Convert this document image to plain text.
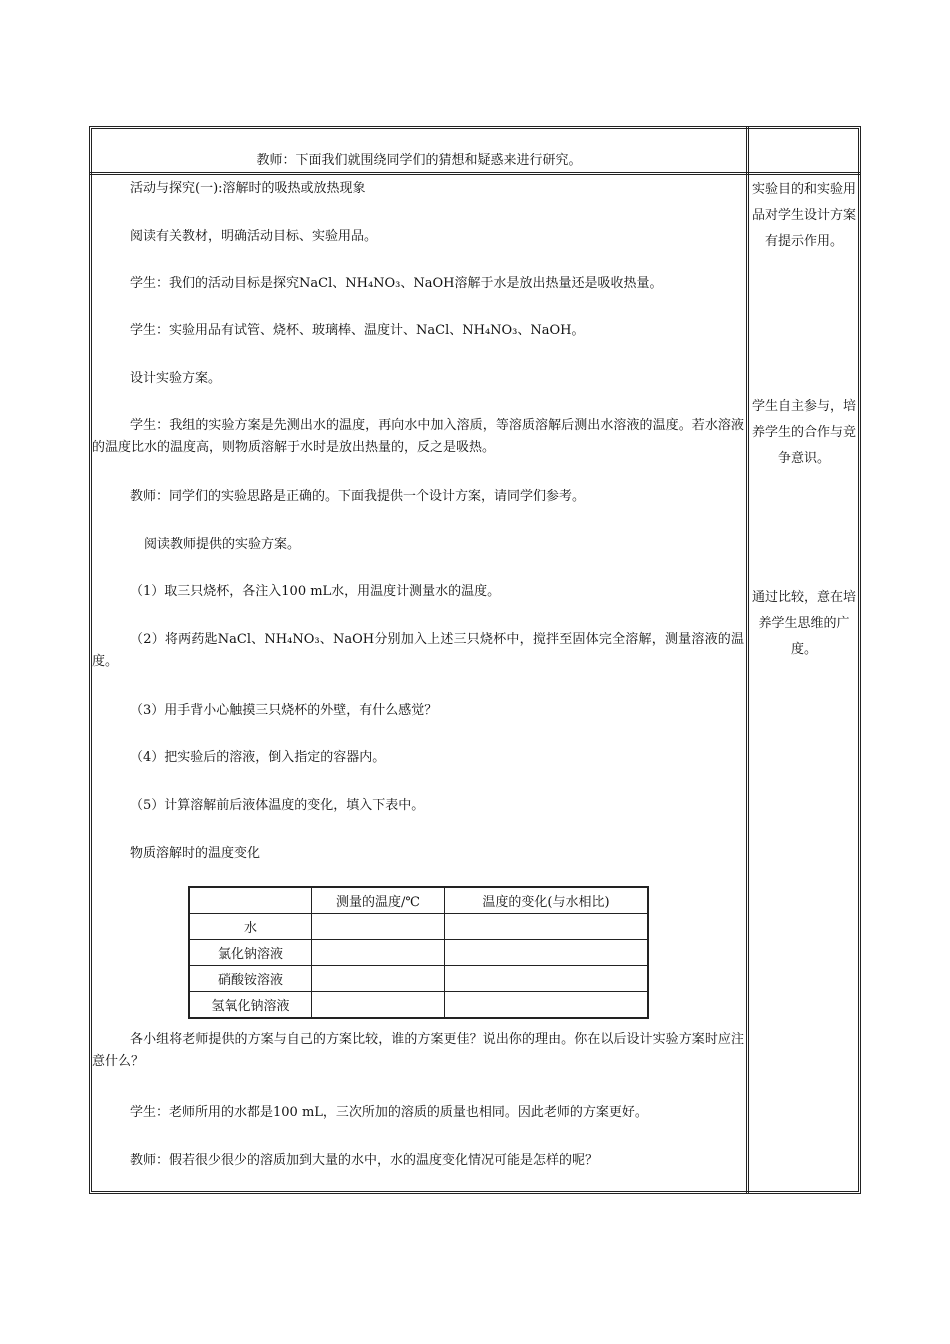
教师：下面我们就围绕同学们的猜想和疑惑来进行研究。
活动与探究(一):溶解时的吸热或放热现象
阅读有关教材，明确活动目标、实验用品。
学生：我们的活动目标是探究NaCl、NH₄NO₃、NaOH溶解于水是放出热量还是吸收热量。
学生：实验用品有试管、烧杯、玻璃棒、温度计、NaCl、NH₄NO₃、NaOH。
设计实验方案。
学生：我组的实验方案是先测出水的温度，再向水中加入溶质，等溶质溶解后测出水溶液的温度。若水溶液的温度比水的温度高，则物质溶解于水时是放出热量的，反之是吸热。
教师：同学们的实验思路是正确的。下面我提供一个设计方案，请同学们参考。
阅读教师提供的实验方案。
（1）取三只烧杯，各注入100 mL水，用温度计测量水的温度。
（2）将两药匙NaCl、NH₄NO₃、NaOH分别加入上述三只烧杯中，搅拌至固体完全溶解，测量溶液的温度。
（3）用手背小心触摸三只烧杯的外壁，有什么感觉？
（4）把实验后的溶液，倒入指定的容器内。
（5）计算溶解前后液体温度的变化，填入下表中。
物质溶解时的温度变化
	测量的温度/℃	温度的变化(与水相比)
水		
氯化钠溶液		
硝酸铵溶液		
氢氧化钠溶液		
各小组将老师提供的方案与自己的方案比较，谁的方案更佳？说出你的理由。你在以后设计实验方案时应注意什么？
学生：老师所用的水都是100 mL，三次所加的溶质的质量也相同。因此老师的方案更好。
教师：假若很少很少的溶质加到大量的水中，水的温度变化情况可能是怎样的呢？
实验目的和实验用品对学生设计方案有提示作用。
学生自主参与，培养学生的合作与竞争意识。
通过比较，意在培养学生思维的广度。
